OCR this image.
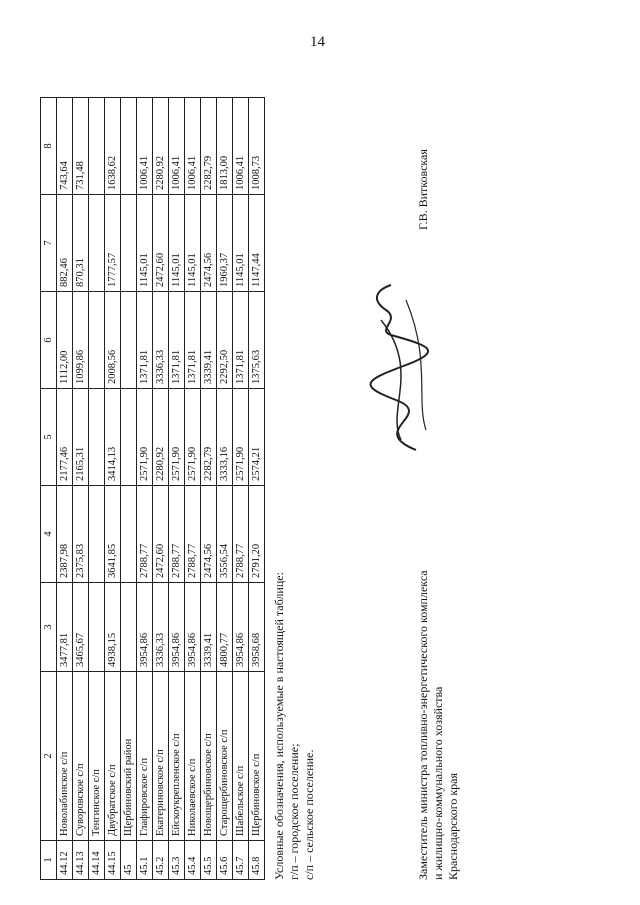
14
1	2	3	4	5	6	7	8
44.12	Новолабинское с/п	3477,81	2387,98	2177,46	1112,00	882,46	743,64
44.13	Суворовское с/п	3465,67	2375,83	2165,31	1099,86	870,31	731,48
44.14	Тенгинское с/п						
44.15	Двубратское с/п	4938,15	3641,85	3414,13	2008,56	1777,57	1638,62
45	Щербиновский район						
45.1	Глафировское с/п	3954,86	2788,77	2571,90	1371,81	1145,01	1006,41
45.2	Екатериновское с/п	3336,33	2472,60	2280,92	3336,33	2472,60	2280,92
45.3	Ейскоукрепленское с/п	3954,86	2788,77	2571,90	1371,81	1145,01	1006,41
45.4	Николаевское с/п	3954,86	2788,77	2571,90	1371,81	1145,01	1006,41
45.5	Новощербиновское с/п	3339,41	2474,56	2282,79	3339,41	2474,56	2282,79
45.6	Старощербиновское с/п	4800,77	3556,54	3333,16	2292,50	1960,37	1813,00
45.7	Шабельское с/п	3954,86	2788,77	2571,90	1371,81	1145,01	1006,41
45.8	Щербиновское с/п	3958,68	2791,20	2574,21	1375,63	1147,44	1008,73
Условные обозначения, используемые в настоящей таблице: г/п – городское поселение; с/п – сельское поселение.	Заместитель министра топливно-энергетического комплекса и жилищно-коммунального хозяйства Краснодарского края
Г.В. Витковская
